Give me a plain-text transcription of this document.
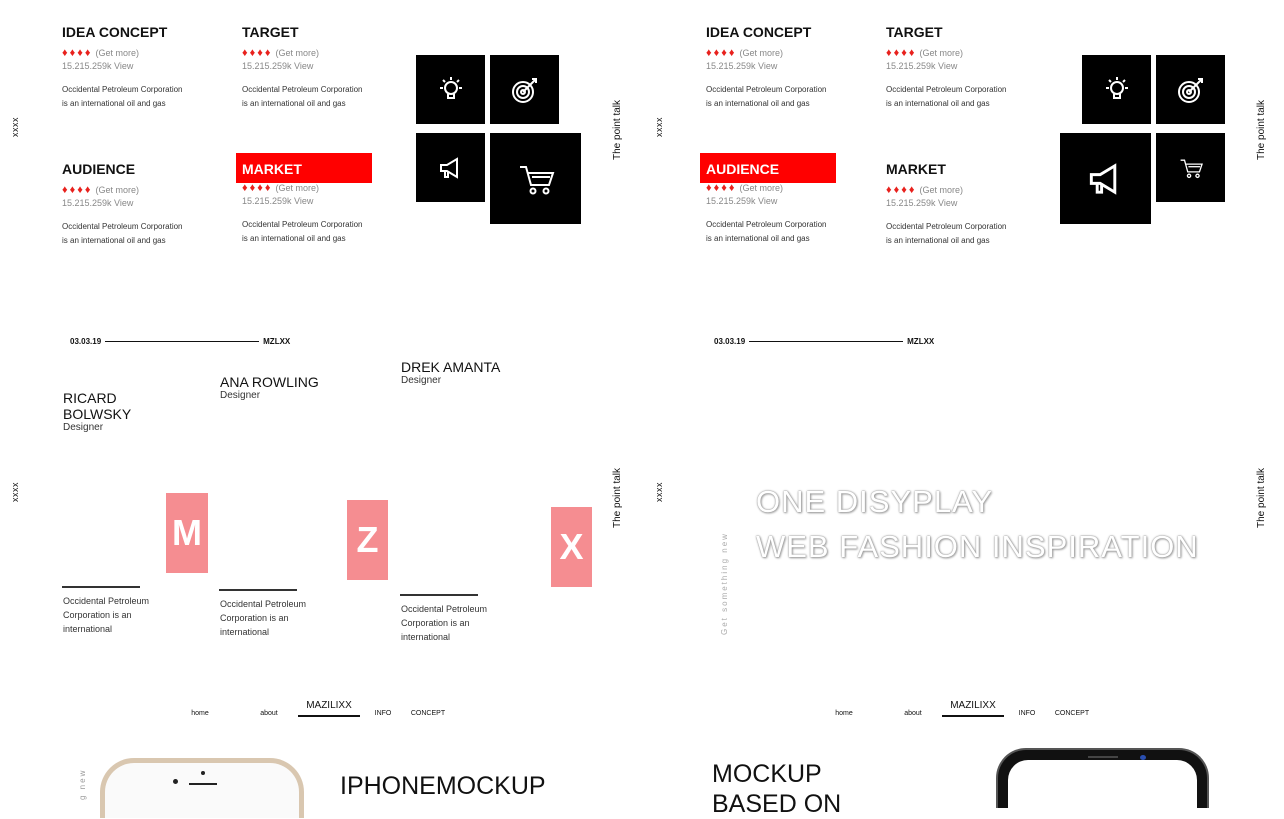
xxxx	The point talk
IDEA CONCEPT
♦ ♦ ♦ ♦ (Get more)
15.215.259k View
Occidental Petroleum Corporation
is an international oil and gas
TARGET
♦ ♦ ♦ ♦ (Get more)
15.215.259k View
Occidental Petroleum Corporation
is an international oil and gas
AUDIENCE
♦ ♦ ♦ ♦ (Get more)
15.215.259k View
Occidental Petroleum Corporation
is an international oil and gas
MARKET
♦ ♦ ♦ ♦ (Get more)
15.215.259k View
Occidental Petroleum Corporation
is an international oil and gas
xxxx	The point talk
IDEA CONCEPT
♦ ♦ ♦ ♦ (Get more)
15.215.259k View
Occidental Petroleum Corporation
is an international oil and gas
TARGET
♦ ♦ ♦ ♦ (Get more)
15.215.259k View
Occidental Petroleum Corporation
is an international oil and gas
AUDIENCE
♦ ♦ ♦ ♦ (Get more)
15.215.259k View
Occidental Petroleum Corporation
is an international oil and gas
MARKET
♦ ♦ ♦ ♦ (Get more)
15.215.259k View
Occidental Petroleum Corporation
is an international oil and gas
03.03.19	MZLXX
RICARD
BOLWSKY
Designer
ANA ROWLING
Designer
DREK AMANTA
Designer
xxxx	The point talk
M	Z	X
Occidental Petroleum
Corporation is an
international
Occidental Petroleum
Corporation is an
international
Occidental Petroleum
Corporation is an
international
03.03.19	MZLXX
xxxx	The point talk
ONE DISYPLAY
WEB FASHION INSPIRATION
Get something new
home	about
MAZILIXX
INFO	CONCEPT
g new	IPHONEMOCKUP
home	about
MAZILIXX
INFO	CONCEPT
MOCKUP
BASED ON
